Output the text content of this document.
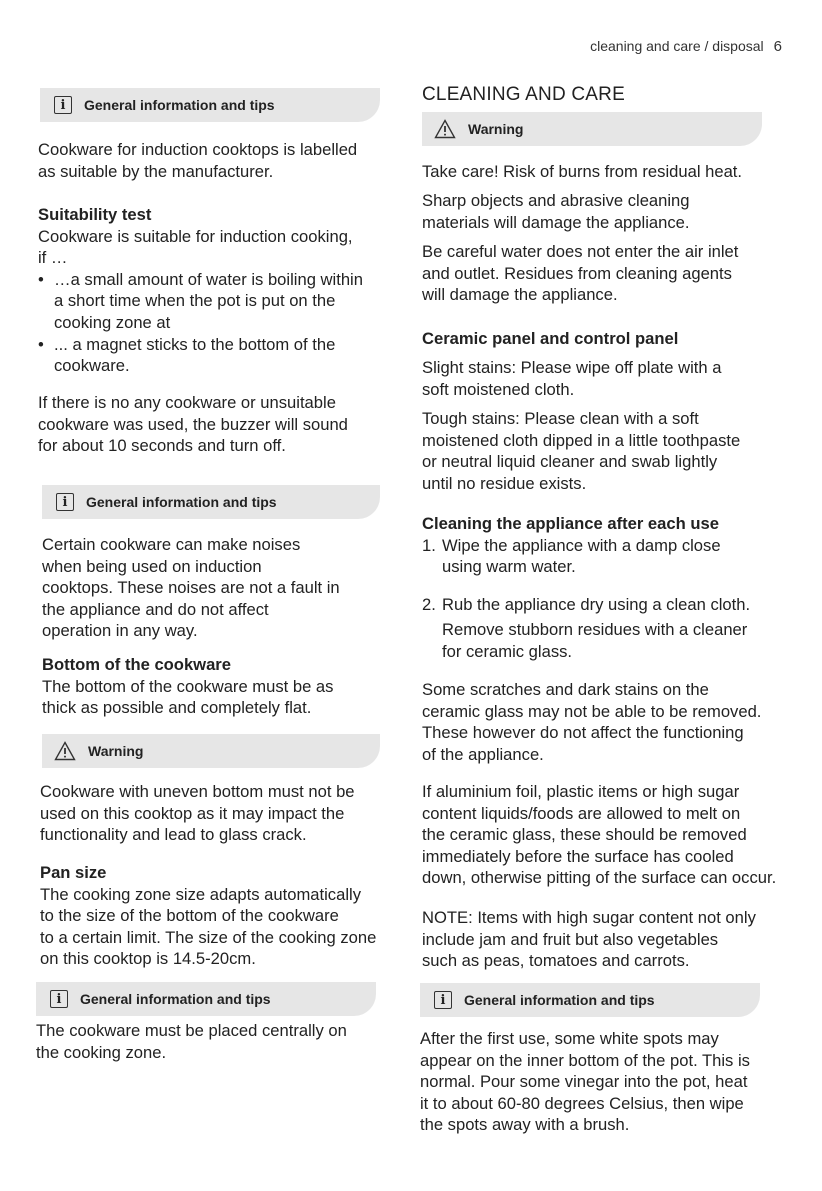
cleaning and care / disposal 6
i	General information and tips
Cookware for induction cooktops is labelled
as suitable by the manufacturer.
Suitability test
Cookware is suitable for induction cooking,
if …
• …a small amount of water is boiling within
a short time when the pot is put on the
cooking zone at
• ... a magnet sticks to the bottom of the
cookware.
If there is no any cookware or unsuitable
cookware was used, the buzzer will sound
for about 10 seconds and turn off.
i	General information and tips
Certain cookware can make noises
when being used on induction
cooktops. These noises are not a fault in
the appliance and do not affect
operation in any way.
Bottom of the cookware
The bottom of the cookware must be as
thick as possible and completely flat.
Warning
Cookware with uneven bottom must not be
used on this cooktop as it may impact the
functionality and lead to glass crack.
Pan size
The cooking zone size adapts automatically
to the size of the bottom of the cookware
to a certain limit. The size of the cooking zone
on this cooktop is 14.5-20cm.
i	General information and tips
The cookware must be placed centrally on
the cooking zone.
CLEANING AND CARE
Warning
Take care! Risk of burns from residual heat.
Sharp objects and abrasive cleaning
materials will damage the appliance.
Be careful water does not enter the air inlet
and outlet. Residues from cleaning agents
will damage the appliance.
Ceramic panel and control panel
Slight stains: Please wipe off plate with a
soft moistened cloth.
Tough stains: Please clean with a soft
moistened cloth dipped in a little toothpaste
or neutral liquid cleaner and swab lightly
until no residue exists.
Cleaning the appliance after each use
1. Wipe the appliance with a damp close
using warm water.
2. Rub the appliance dry using a clean cloth.
Remove stubborn residues with a cleaner
for ceramic glass.
Some scratches and dark stains on the
ceramic glass may not be able to be removed.
These however do not affect the functioning
of the appliance.
If aluminium foil, plastic items or high sugar
content liquids/foods are allowed to melt on
the ceramic glass, these should be removed
immediately before the surface has cooled
down, otherwise pitting of the surface can occur.
NOTE: Items with high sugar content not only
include jam and fruit but also vegetables
such as peas, tomatoes and carrots.
i	General information and tips
After the first use, some white spots may
appear on the inner bottom of the pot. This is
normal. Pour some vinegar into the pot, heat
it to about 60-80 degrees Celsius, then wipe
the spots away with a brush.
